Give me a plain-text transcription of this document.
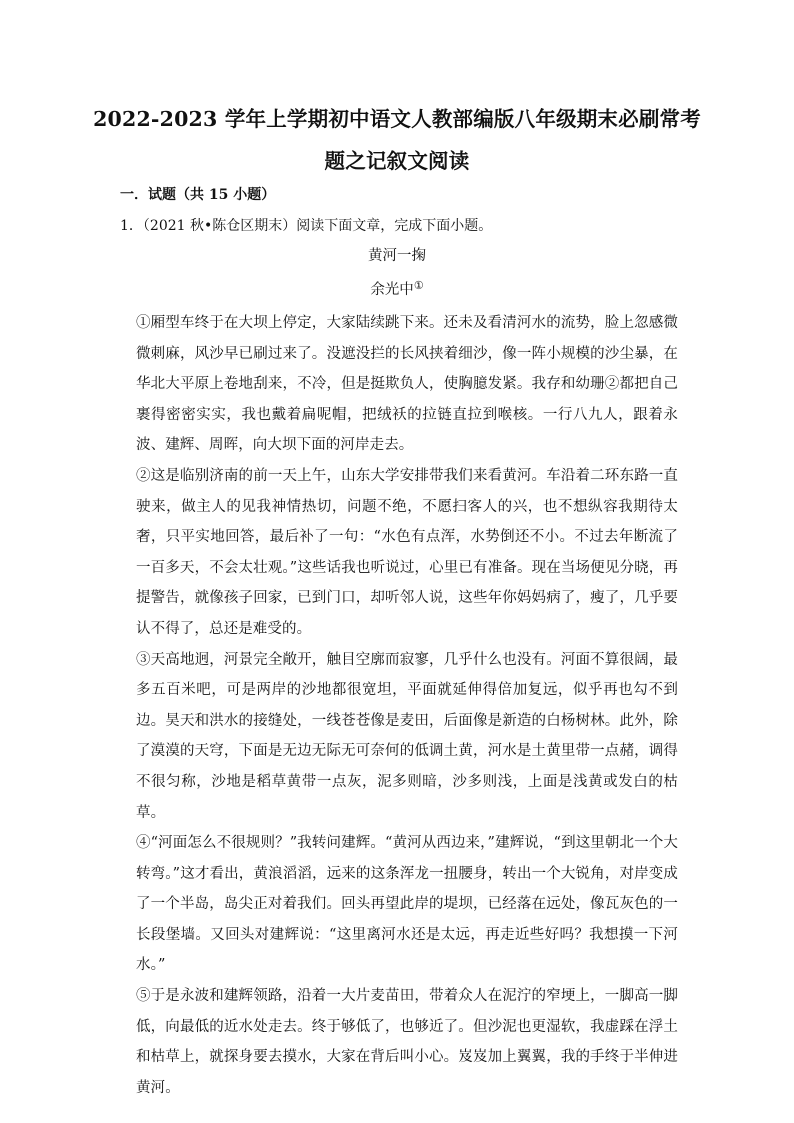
2022-2023 学年上学期初中语文人教部编版八年级期末必刷常考
题之记叙文阅读
一．试题（共 15 小题）
1．（2021 秋•陈仓区期末）阅读下面文章，完成下面小题。
黄河一掬
余光中①

①厢型车终于在大坝上停定，大家陆续跳下来。还未及看清河水的流势，脸上忽感微微刺麻，风沙早已刷过来了。没遮没拦的长风挟着细沙，像一阵小规模的沙尘暴，在华北大平原上卷地刮来，不冷，但是挺欺负人，使胸臆发紧。我存和幼珊②都把自己裹得密密实实，我也戴着扁呢帽，把绒袄的拉链直拉到喉核。一行八九人，跟着永波、建辉、周晖，向大坝下面的河岸走去。

②这是临别济南的前一天上午，山东大学安排带我们来看黄河。车沿着二环东路一直驶来，做主人的见我神情热切，问题不绝，不愿扫客人的兴，也不想纵容我期待太奢，只平实地回答，最后补了一句：“水色有点浑，水势倒还不小。不过去年断流了一百多天，不会太壮观。”这些话我也听说过，心里已有准备。现在当场便见分晓，再提警告，就像孩子回家，已到门口，却听邻人说，这些年你妈妈病了，瘦了，几乎要认不得了，总还是难受的。

③天高地迥，河景完全敞开，触目空廓而寂寥，几乎什么也没有。河面不算很阔，最多五百米吧，可是两岸的沙地都很宽坦，平面就延伸得倍加复远，似乎再也勾不到边。昊天和洪水的接缝处，一线苍苍像是麦田，后面像是新造的白杨树林。此外，除了漠漠的天穹，下面是无边无际无可奈何的低调土黄，河水是土黄里带一点赭，调得不很匀称，沙地是稻草黄带一点灰，泥多则暗，沙多则浅，上面是浅黄或发白的枯草。

④“河面怎么不很规则？”我转问建辉。“黄河从西边来，”建辉说，“到这里朝北一个大转弯。”这才看出，黄浪滔滔，远来的这条浑龙一扭腰身，转出一个大锐角，对岸变成了一个半岛，岛尖正对着我们。回头再望此岸的堤坝，已经落在远处，像瓦灰色的一长段堡墙。又回头对建辉说：“这里离河水还是太远，再走近些好吗？我想摸一下河水。”

⑤于是永波和建辉领路，沿着一大片麦苗田，带着众人在泥泞的窄埂上，一脚高一脚低，向最低的近水处走去。终于够低了，也够近了。但沙泥也更湿软，我虚踩在浮土和枯草上，就探身要去摸水，大家在背后叫小心。岌岌加上翼翼，我的手终于半伸进黄河。
